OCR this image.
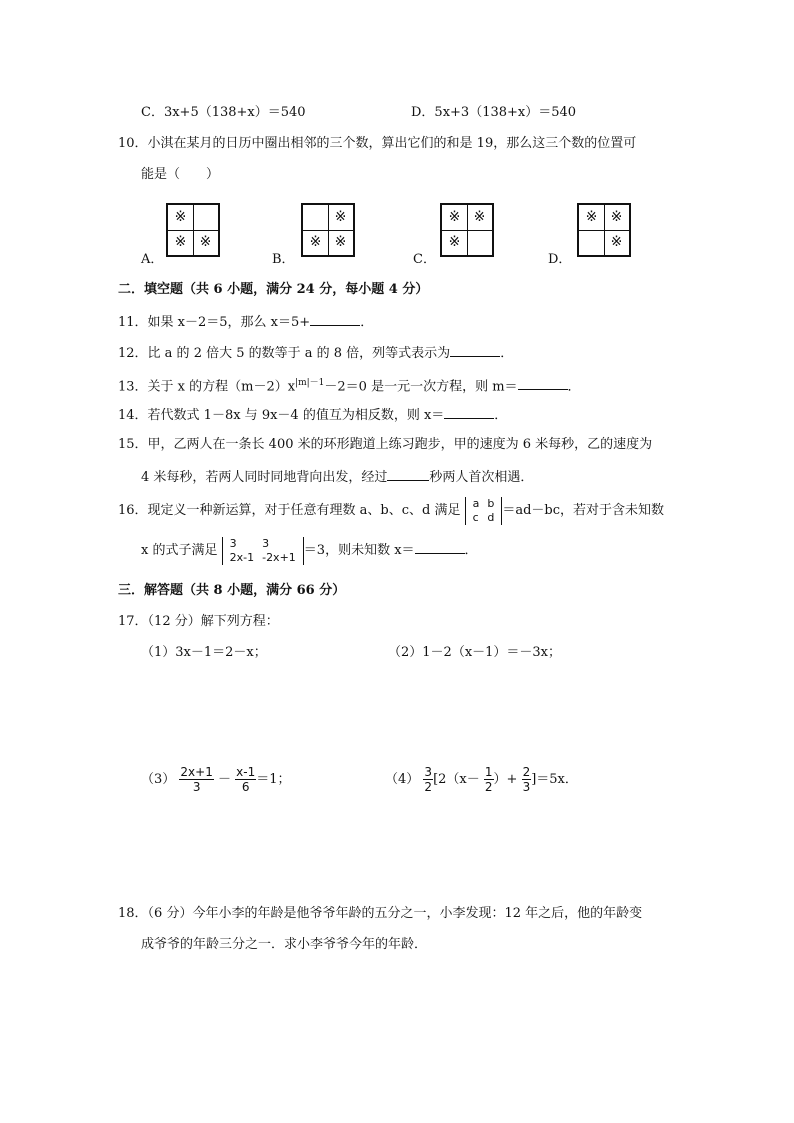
C．3x+5（138+x）＝540	D．5x+3（138+x）＝540
10．小淇在某月的日历中圈出相邻的三个数，算出它们的和是 19，那么这三个数的位置可
能是（　　）
A．
※
※ ※
B．
※
※ ※
C．
※ ※
※
D．
※ ※
※
二．填空题（共 6 小题，满分 24 分，每小题 4 分）
11．如果 x－2＝5，那么 x＝5+	．
12．比 a 的 2 倍大 5 的数等于 a 的 8 倍，列等式表示为	．
13．关于 x 的方程$(m-2)x^{|m|-1}-2=0$ 是一元一次方程，则 m＝	．
14．若代数式 1－8x 与 9x－4 的值互为相反数，则 x＝	．
15．甲，乙两人在一条长 400 米的环形跑道上练习跑步，甲的速度为 6 米每秒，乙的速度为
4 米每秒，若两人同时同地背向出发，经过	秒两人首次相遇．
16．现定义一种新运算，对于任意有理数 a、b、c、d 满足 a	b
c	d ＝ad－bc，若对于含未知数
x 的式子满足 3	3
2x-1	-2x+1 ＝3，则未知数 x＝	．
三．解答题（共 8 小题，满分 66 分）
17．（12 分）解下列方程：
（1）3x－1＝2－x；	（2）1－2（x－1）＝－3x；
$(3) \frac{2x+1}{3} - \frac{x-1}{6} =1$；	$(4) \frac{3}{2} [2(x- \frac{1}{2}$ ）+ $\frac{2}{3} ]=5x$．
18．（6 分）今年小李的年龄是他爷爷年龄的五分之一，小李发现：12 年之后，他的年龄变
成爷爷的年龄三分之一．求小李爷爷今年的年龄．
